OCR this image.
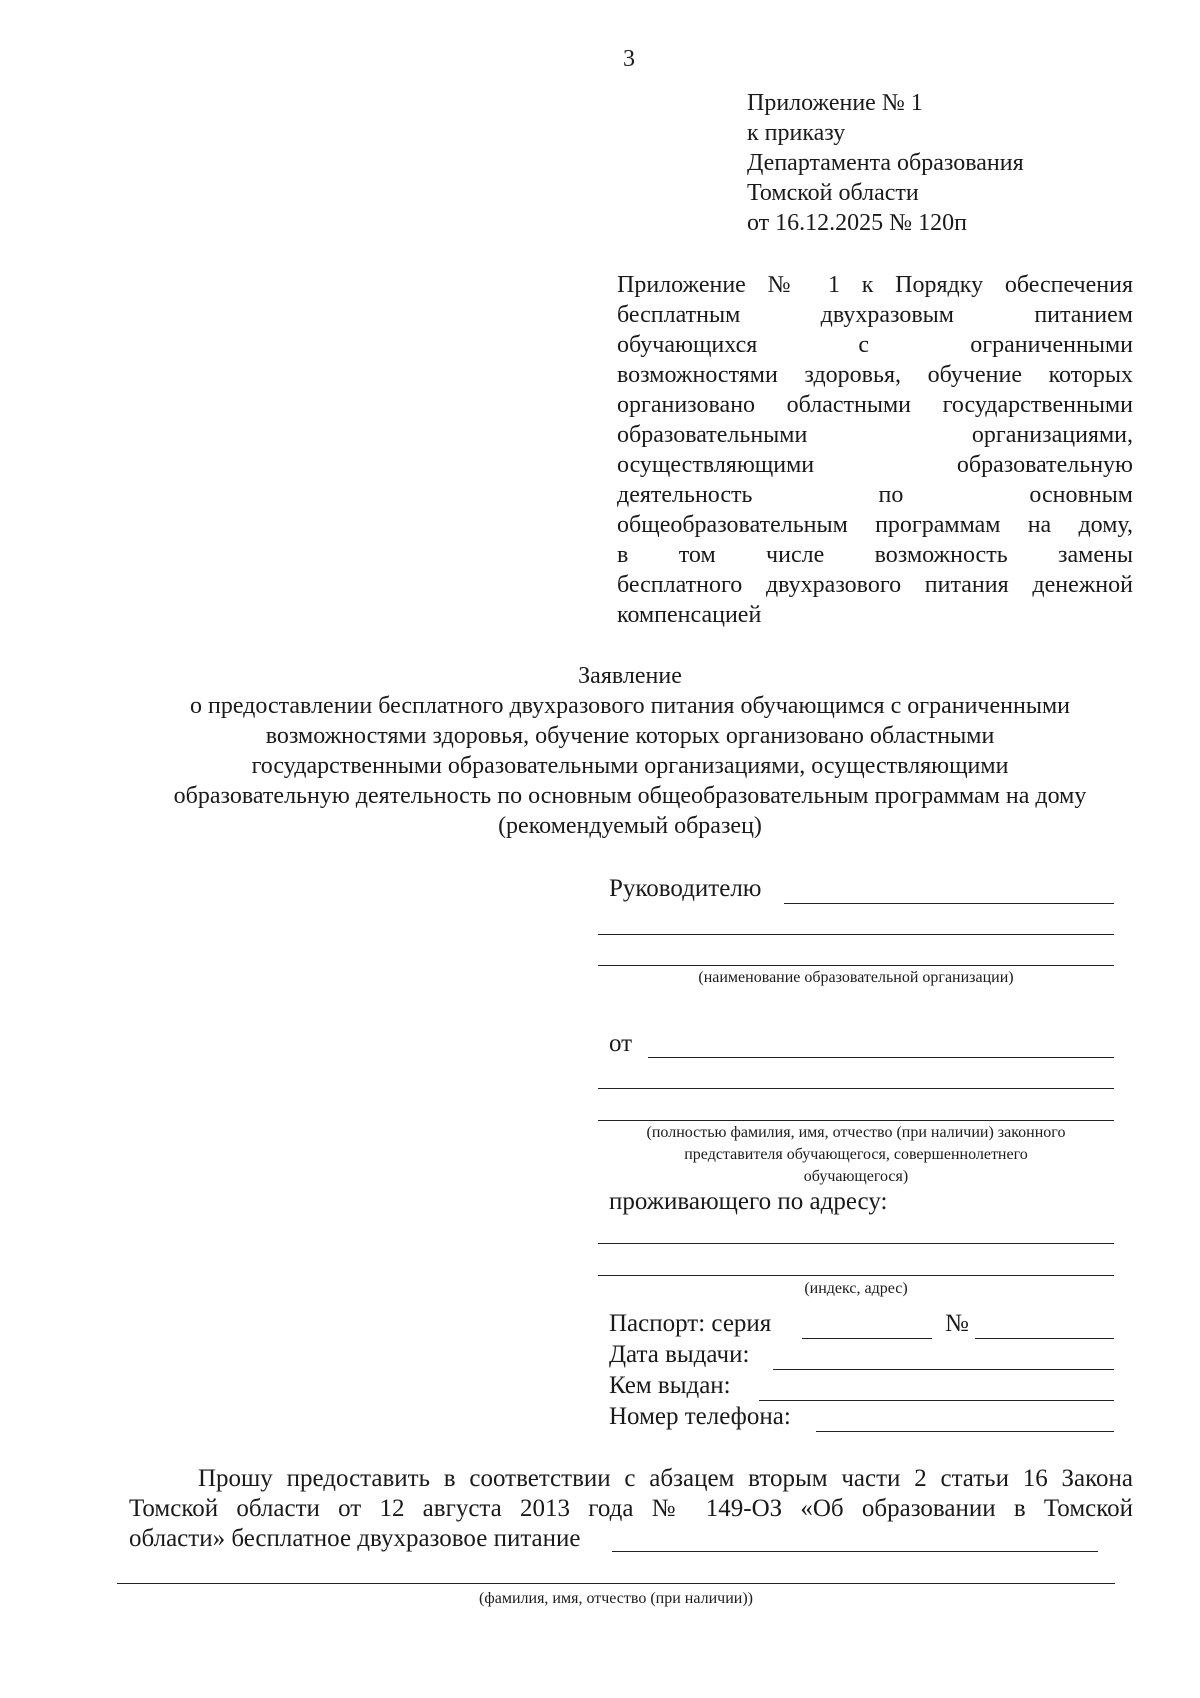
3
Приложение № 1
к приказу
Департамента образования
Томской области
от 16.12.2025 № 120п
Приложение № 1 к Порядку обеспечения
бесплатным двухразовым питанием
обучающихся с ограниченными
возможностями здоровья, обучение которых
организовано областными государственными
образовательными организациями,
осуществляющими образовательную
деятельность по основным
общеобразовательным программам на дому,
в том числе возможность замены
бесплатного двухразового питания денежной
компенсацией
Заявление
о предоставлении бесплатного двухразового питания обучающимся с ограниченными
возможностями здоровья, обучение которых организовано областными
государственными образовательными организациями, осуществляющими
образовательную деятельность по основным общеобразовательным программам на дому
(рекомендуемый образец)
Руководителю
(наименование образовательной организации)
от
(полностью фамилия, имя, отчество (при наличии) законного
представителя обучающегося, совершеннолетнего
обучающегося)
проживающего по адресу:
(индекс, адрес)
Паспорт: серия	№
Дата выдачи:
Кем выдан:
Номер телефона:
Прошу предоставить в соответствии с абзацем вторым части 2 статьи 16 Закона
Томской области от 12 августа 2013 года № 149-ОЗ «Об образовании в Томской
области» бесплатное двухразовое питание
(фамилия, имя, отчество (при наличии))
